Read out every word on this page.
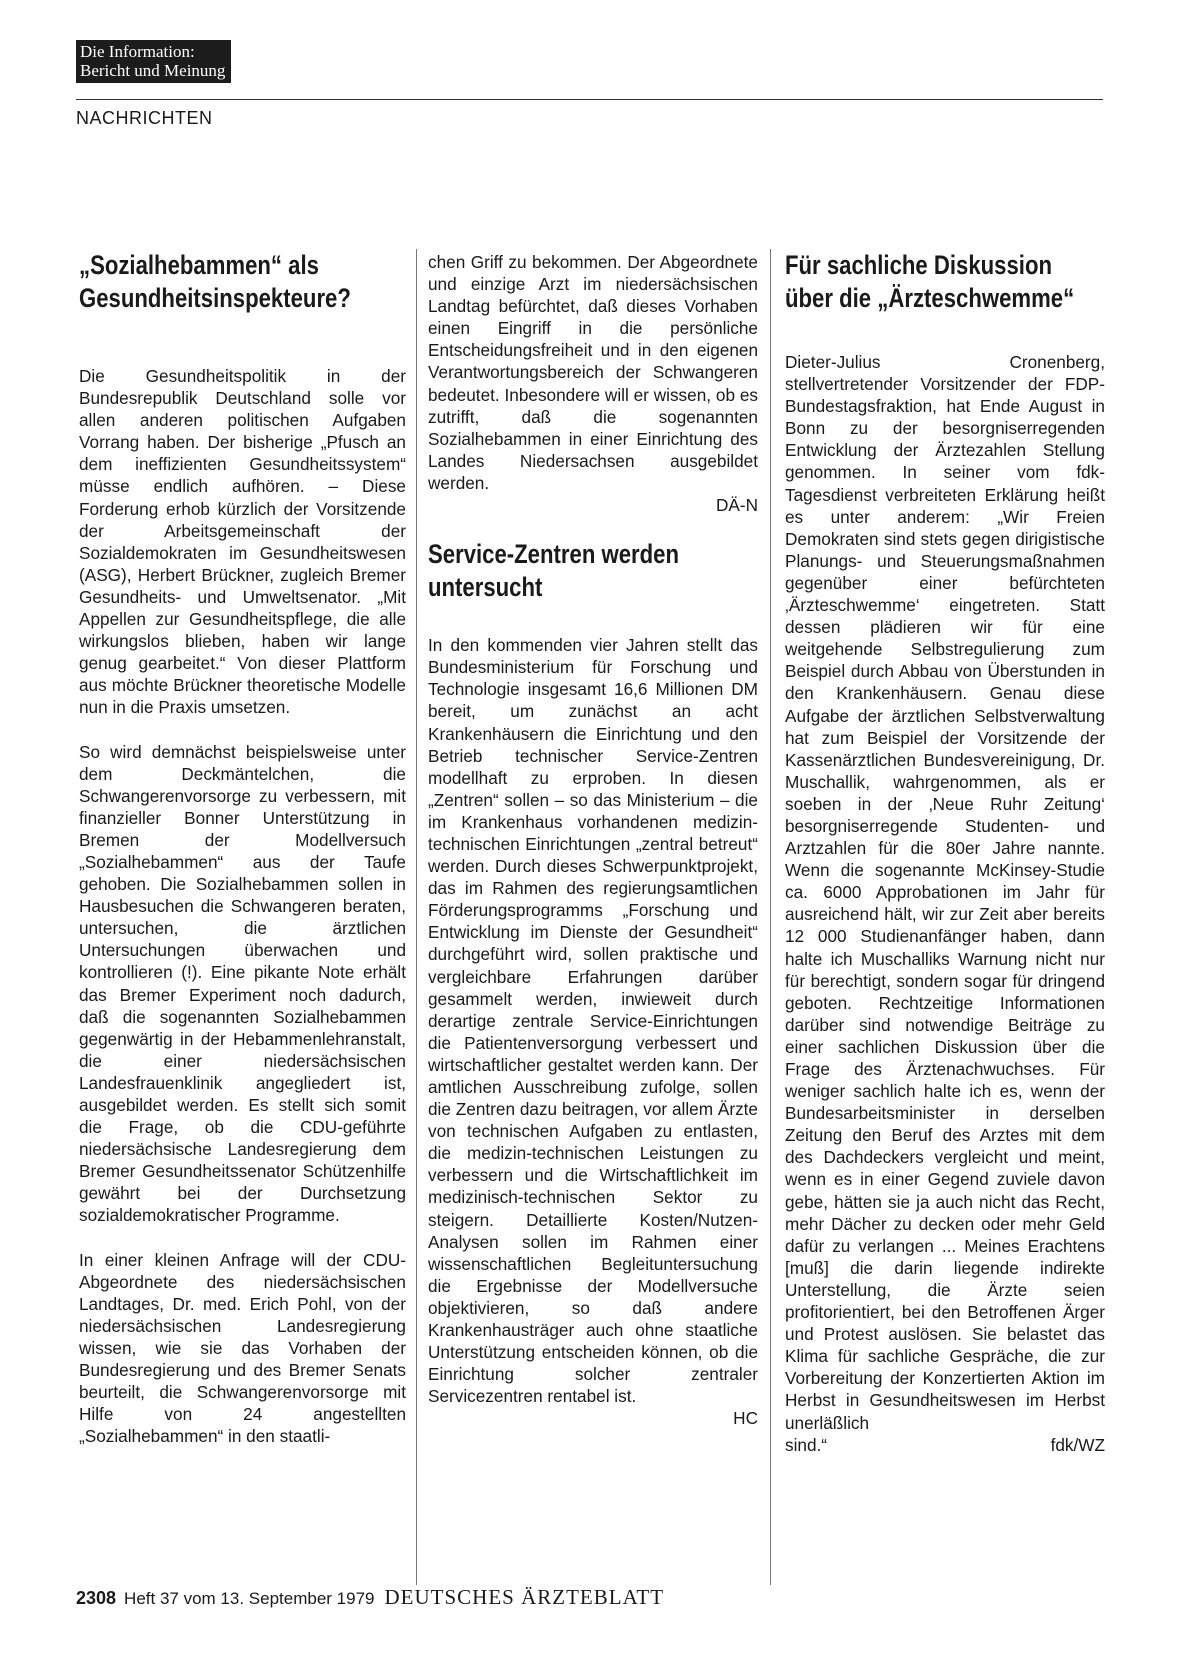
Die Information:
Bericht und Meinung
NACHRICHTEN
„Sozialhebammen“ als Gesundheitsinspekteure?

Die Gesundheitspolitik in der Bundesrepublik Deutschland solle vor allen anderen politischen Aufgaben Vorrang haben. Der bisherige „Pfusch an dem ineffizienten Gesundheitssystem“ müsse endlich aufhören. – Diese Forderung erhob kürzlich der Vorsitzende der Arbeitsgemeinschaft der Sozialdemokraten im Gesundheitswesen (ASG), Herbert Brückner, zugleich Bremer Gesundheits- und Umweltsenator. „Mit Appellen zur Gesundheitspflege, die alle wirkungslos blieben, haben wir lange genug gearbeitet.“ Von dieser Plattform aus möchte Brückner theoretische Modelle nun in die Praxis umsetzen.

So wird demnächst beispielsweise unter dem Deckmäntelchen, die Schwangerenvorsorge zu verbessern, mit finanzieller Bonner Unterstützung in Bremen der Modellversuch „Sozialhebammen“ aus der Taufe gehoben. Die Sozialhebammen sollen in Hausbesuchen die Schwangeren beraten, untersuchen, die ärztlichen Untersuchungen überwachen und kontrollieren (!). Eine pikante Note erhält das Bremer Experiment noch dadurch, daß die sogenannten Sozialhebammen gegenwärtig in der Hebammenlehranstalt, die einer niedersächsischen Landesfrauenklinik angegliedert ist, ausgebildet werden. Es stellt sich somit die Frage, ob die CDU-geführte niedersächsische Landesregierung dem Bremer Gesundheitssenator Schützenhilfe gewährt bei der Durchsetzung sozialdemokratischer Programme.

In einer kleinen Anfrage will der CDU-Abgeordnete des niedersächsischen Landtages, Dr. med. Erich Pohl, von der niedersächsischen Landesregierung wissen, wie sie das Vorhaben der Bundesregierung und des Bremer Senats beurteilt, die Schwangerenvorsorge mit Hilfe von 24 angestellten „Sozialhebammen“ in den staatli-

chen Griff zu bekommen. Der Abgeordnete und einzige Arzt im niedersächsischen Landtag befürchtet, daß dieses Vorhaben einen Eingriff in die persönliche Entscheidungsfreiheit und in den eigenen Verantwortungsbereich der Schwangeren bedeutet. Inbesondere will er wissen, ob es zutrifft, daß die sogenannten Sozialhebammen in einer Einrichtung des Landes Niedersachsen ausgebildet werden.

DÄ-N
Service-Zentren werden untersucht

In den kommenden vier Jahren stellt das Bundesministerium für Forschung und Technologie insgesamt 16,6 Millionen DM bereit, um zunächst an acht Krankenhäusern die Einrichtung und den Betrieb technischer Service-Zentren modellhaft zu erproben. In diesen „Zentren“ sollen – so das Ministerium – die im Krankenhaus vorhandenen medizin-technischen Einrichtungen „zentral betreut“ werden. Durch dieses Schwerpunktprojekt, das im Rahmen des regierungsamtlichen Förderungsprogramms „Forschung und Entwicklung im Dienste der Gesundheit“ durchgeführt wird, sollen praktische und vergleichbare Erfahrungen darüber gesammelt werden, inwieweit durch derartige zentrale Service-Einrichtungen die Patientenversorgung verbessert und wirtschaftlicher gestaltet werden kann. Der amtlichen Ausschreibung zufolge, sollen die Zentren dazu beitragen, vor allem Ärzte von technischen Aufgaben zu entlasten, die medizin-technischen Leistungen zu verbessern und die Wirtschaftlichkeit im medizinisch-technischen Sektor zu steigern. Detaillierte Kosten/Nutzen-Analysen sollen im Rahmen einer wissenschaftlichen Begleituntersuchung die Ergebnisse der Modellversuche objektivieren, so daß andere Krankenhausträger auch ohne staatliche Unterstützung entscheiden können, ob die Einrichtung solcher zentraler Servicezentren rentabel ist.

HC
Für sachliche Diskussion über die „Ärzteschwemme“

Dieter-Julius Cronenberg, stellvertretender Vorsitzender der FDP-Bundestagsfraktion, hat Ende August in Bonn zu der besorgniserregenden Entwicklung der Ärztezahlen Stellung genommen. In seiner vom fdk-Tagesdienst verbreiteten Erklärung heißt es unter anderem: „Wir Freien Demokraten sind stets gegen dirigistische Planungs- und Steuerungsmaßnahmen gegenüber einer befürchteten ‚Ärzteschwemme‘ eingetreten. Statt dessen plädieren wir für eine weitgehende Selbstregulierung zum Beispiel durch Abbau von Überstunden in den Krankenhäusern. Genau diese Aufgabe der ärztlichen Selbstverwaltung hat zum Beispiel der Vorsitzende der Kassenärztlichen Bundesvereinigung, Dr. Muschallik, wahrgenommen, als er soeben in der ‚Neue Ruhr Zeitung‘ besorgniserregende Studenten- und Arztzahlen für die 80er Jahre nannte. Wenn die sogenannte McKinsey-Studie ca. 6000 Approbationen im Jahr für ausreichend hält, wir zur Zeit aber bereits 12 000 Studienanfänger haben, dann halte ich Muschalliks Warnung nicht nur für berechtigt, sondern sogar für dringend geboten. Rechtzeitige Informationen darüber sind notwendige Beiträge zu einer sachlichen Diskussion über die Frage des Ärztenachwuchses. Für weniger sachlich halte ich es, wenn der Bundesarbeitsminister in derselben Zeitung den Beruf des Arztes mit dem des Dachdeckers vergleicht und meint, wenn es in einer Gegend zuviele davon gebe, hätten sie ja auch nicht das Recht, mehr Dächer zu decken oder mehr Geld dafür zu verlangen ... Meines Erachtens [muß] die darin liegende indirekte Unterstellung, die Ärzte seien profitorientiert, bei den Betroffenen Ärger und Protest auslösen. Sie belastet das Klima für sachliche Gespräche, die zur Vorbereitung der Konzertierten Aktion im Herbst in Gesundheitswesen im Herbst unerläßlich

sind.“	fdk/WZ
2308 Heft 37 vom 13. September 1979 DEUTSCHES ÄRZTEBLATT
